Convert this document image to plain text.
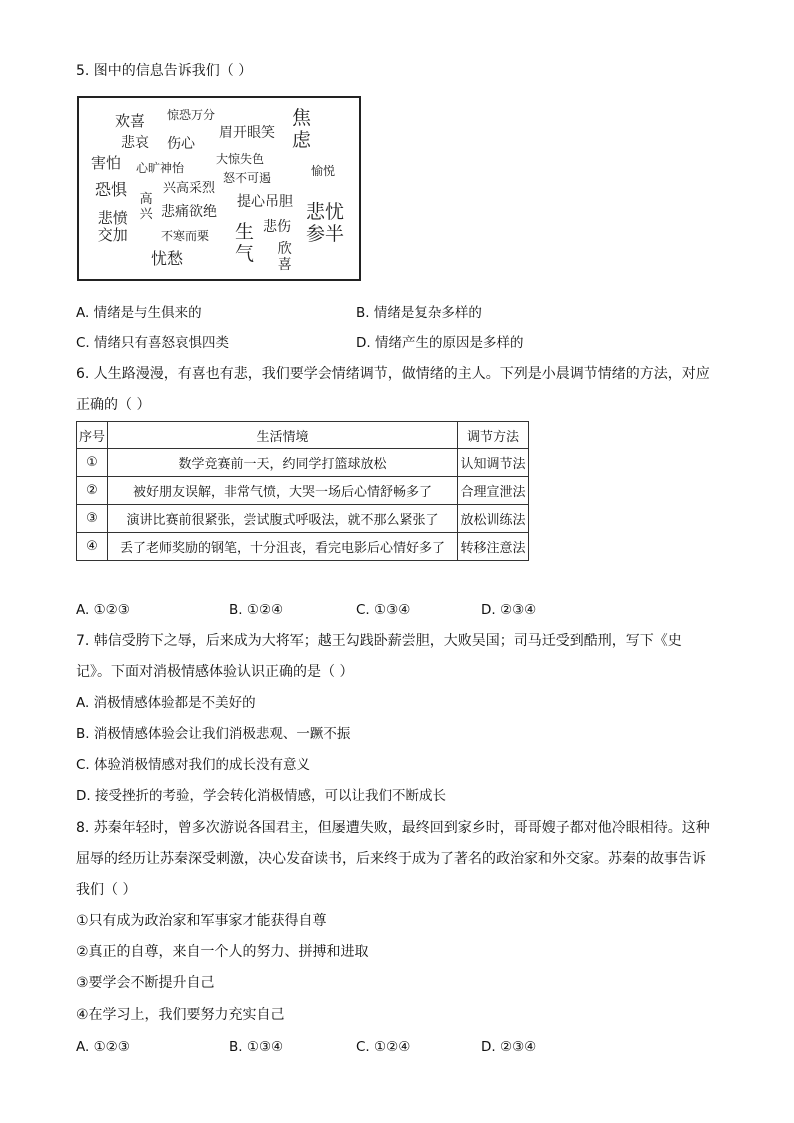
5. 图中的信息告诉我们（ ）
欢喜 惊恐万分	焦虑
悲哀 伤心
眉开眼笑
害怕 心旷神怡
大惊失色
愉悦
怒不可遏
恐惧	兴高采烈
高兴
提心吊胆 悲忧参半
悲愤交加
悲痛欲绝
不寒而栗
悲伤
生气 欣喜
忧愁
A. 情绪是与生俱来的	B. 情绪是复杂多样的
C. 情绪只有喜怒哀惧四类	D. 情绪产生的原因是多样的
6. 人生路漫漫，有喜也有悲，我们要学会情绪调节，做情绪的主人。下列是小晨调节情绪的方法，对应
正确的（ ）
序号	生活情境	调节方法
①	数学竞赛前一天，约同学打篮球放松	认知调节法
②	被好朋友误解，非常气愤，大哭一场后心情舒畅多了	合理宣泄法
③	演讲比赛前很紧张，尝试腹式呼吸法，就不那么紧张了	放松训练法
④	丢了老师奖励的钢笔，十分沮丧，看完电影后心情好多了	转移注意法
A. ①②③	B. ①②④	C. ①③④	D. ②③④
7. 韩信受胯下之辱，后来成为大将军；越王勾践卧薪尝胆，大败吴国；司马迁受到酷刑，写下《史
记》。下面对消极情感体验认识正确的是（ ）
A. 消极情感体验都是不美好的
B. 消极情感体验会让我们消极悲观、一蹶不振
C. 体验消极情感对我们的成长没有意义
D. 接受挫折的考验，学会转化消极情感，可以让我们不断成长
8. 苏秦年轻时，曾多次游说各国君主，但屡遭失败，最终回到家乡时，哥哥嫂子都对他冷眼相待。这种
屈辱的经历让苏秦深受刺激，决心发奋读书，后来终于成为了著名的政治家和外交家。苏秦的故事告诉
我们（ ）
①只有成为政治家和军事家才能获得自尊
②真正的自尊，来自一个人的努力、拼搏和进取
③要学会不断提升自己
④在学习上，我们要努力充实自己
A. ①②③	B. ①③④	C. ①②④	D. ②③④
